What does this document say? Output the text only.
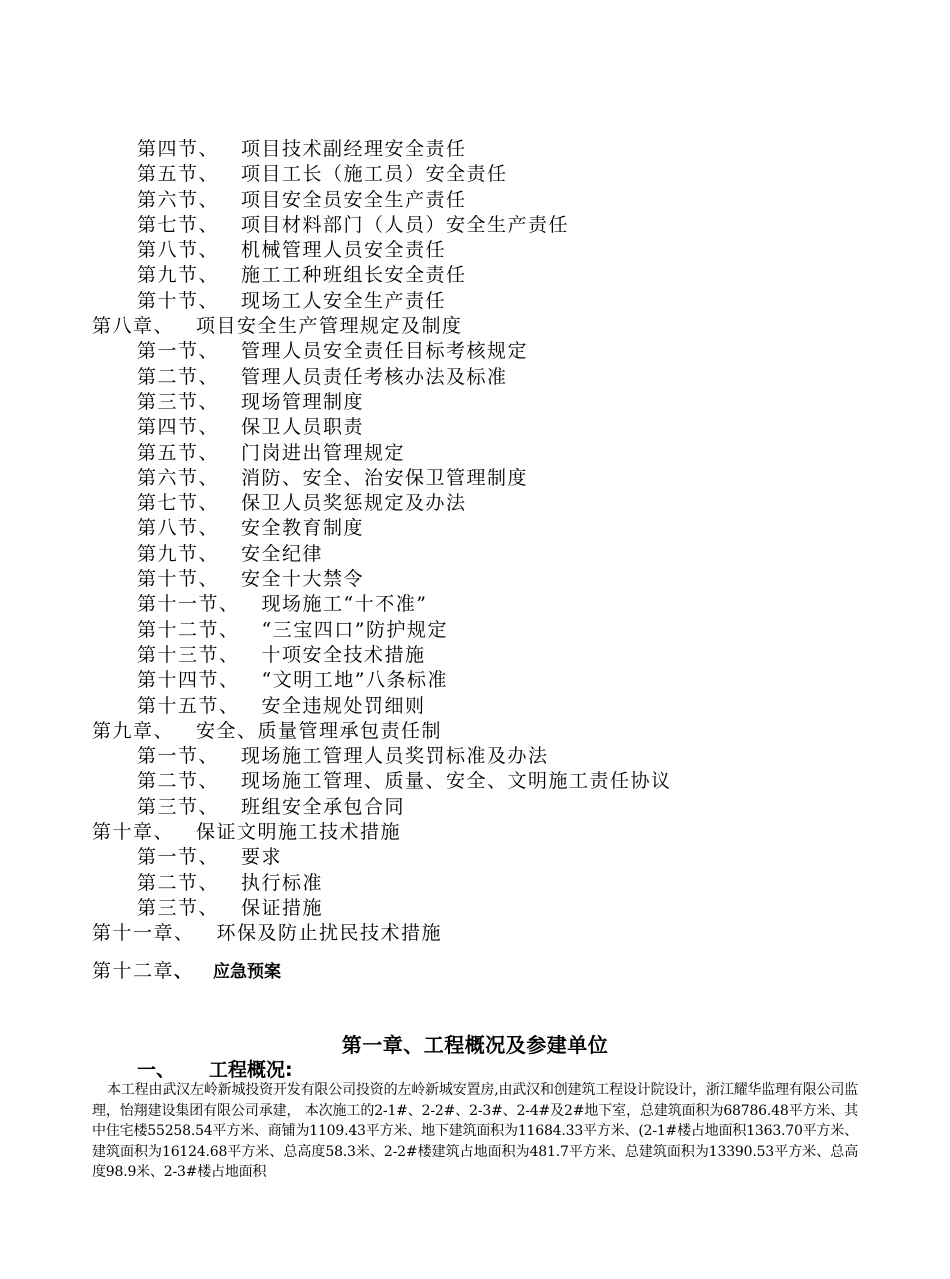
第四节、 项目技术副经理安全责任
第五节、 项目工长（施工员）安全责任
第六节、 项目安全员安全生产责任
第七节、 项目材料部门（人员）安全生产责任
第八节、 机械管理人员安全责任
第九节、 施工工种班组长安全责任
第十节、 现场工人安全生产责任
第八章、 项目安全生产管理规定及制度
第一节、 管理人员安全责任目标考核规定
第二节、 管理人员责任考核办法及标准
第三节、 现场管理制度
第四节、 保卫人员职责
第五节、 门岗进出管理规定
第六节、 消防、安全、治安保卫管理制度
第七节、 保卫人员奖惩规定及办法
第八节、 安全教育制度
第九节、 安全纪律
第十节、 安全十大禁令
第十一节、 现场施工“十不准”
第十二节、 “三宝四口”防护规定
第十三节、 十项安全技术措施
第十四节、 “文明工地”八条标准
第十五节、 安全违规处罚细则
第九章、 安全、质量管理承包责任制
第一节、 现场施工管理人员奖罚标准及办法
第二节、 现场施工管理、质量、安全、文明施工责任协议
第三节、 班组安全承包合同
第十章、 保证文明施工技术措施
第一节、 要求
第二节、 执行标准
第三节、 保证措施
第十一章、 环保及防止扰民技术措施
第十二章、 应急预案
第一章、工程概况及参建单位
一、 工程概况:
本工程由武汉左岭新城投资开发有限公司投资的左岭新城安置房,由武汉和创建筑工程设计院设计，浙江耀华监理有限公司监理，怡翔建设集团有限公司承建， 本次施工的2-1#、2-2#、2-3#、2-4#及2#地下室，总建筑面积为68786.48平方米、其中住宅楼55258.54平方米、商铺为1109.43平方米、地下建筑面积为11684.33平方米、(2-1#楼占地面积1363.70平方米、建筑面积为16124.68平方米、总高度58.3米、2-2#楼建筑占地面积为481.7平方米、总建筑面积为13390.53平方米、总高度98.9米、2-3#楼占地面积
